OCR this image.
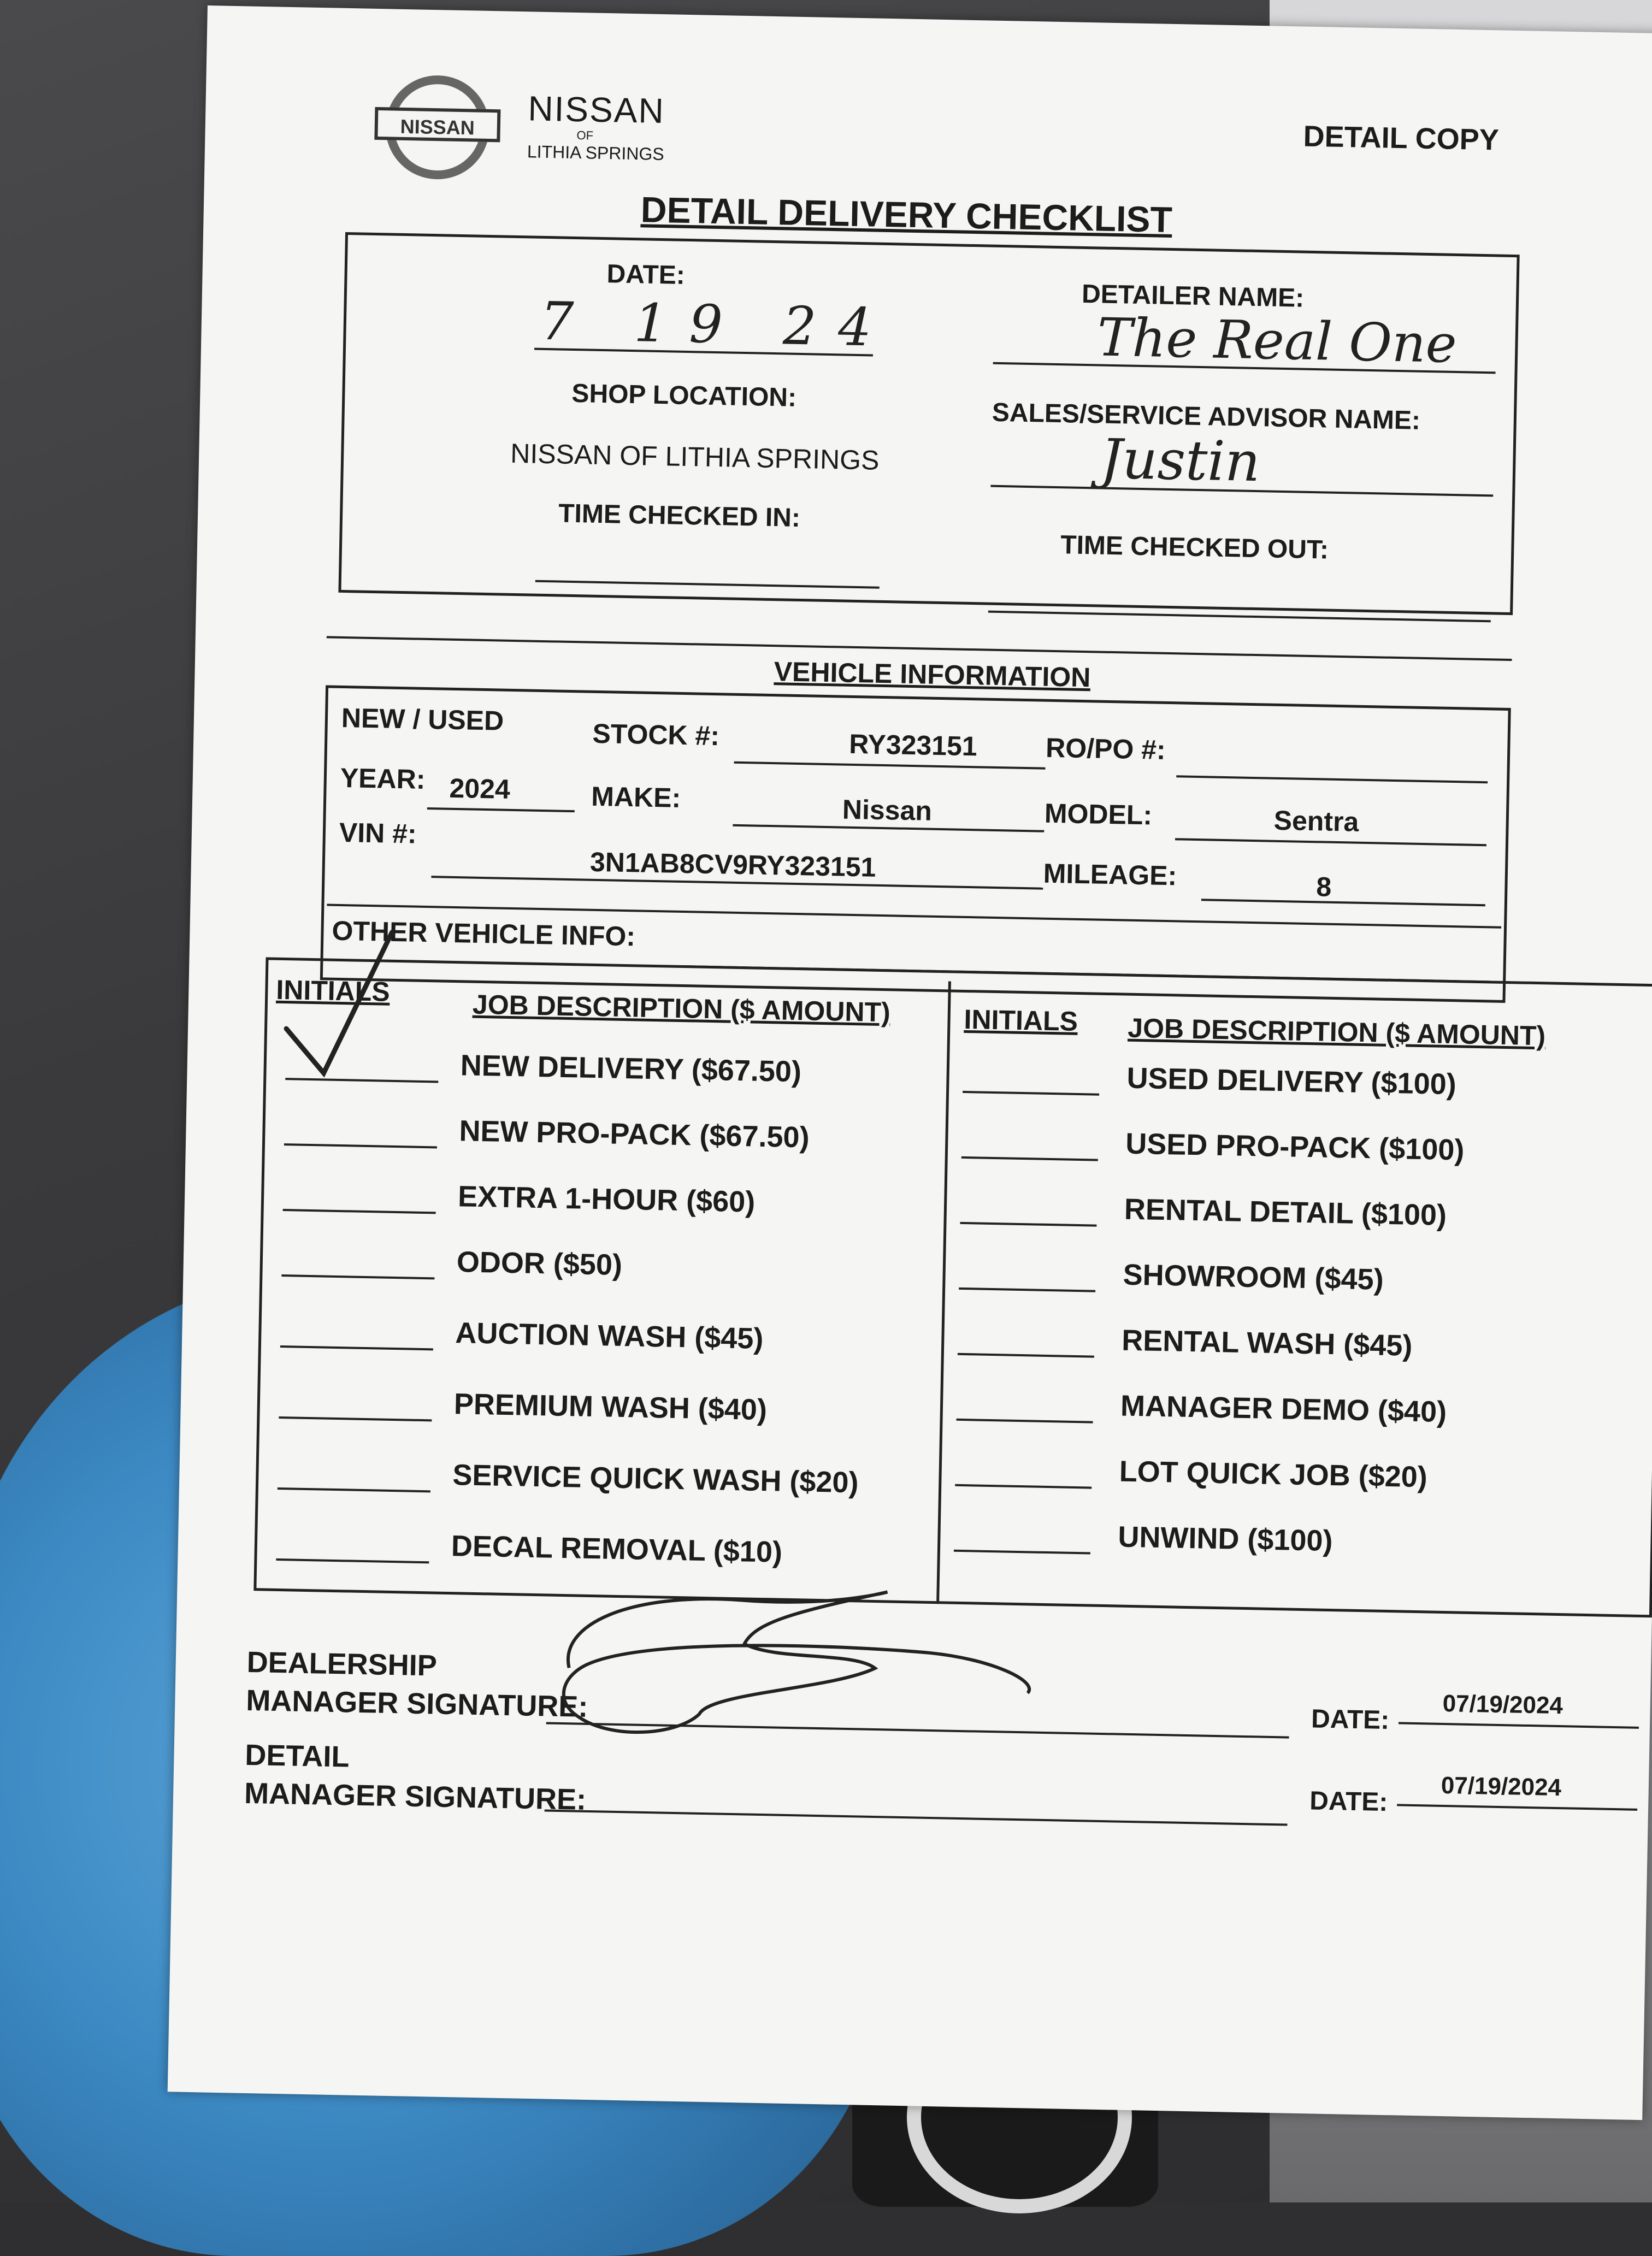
NISSAN	NISSAN
OF
LITHIA SPRINGS	DETAIL COPY
DETAIL DELIVERY CHECKLIST
DATE:
7 19 24	DETAILER NAME:
The Real One
SHOP LOCATION:
NISSAN OF LITHIA SPRINGS
SALES/SERVICE ADVISOR NAME:
Justin
TIME CHECKED IN:
TIME CHECKED OUT:
VEHICLE INFORMATION
NEW / USED	STOCK #:	RY323151 RO/PO #:
YEAR: 2024	MAKE:	Nissan	MODEL:	Sentra
VIN #:
3N1AB8CV9RY323151	MILEAGE:	8
OTHER VEHICLE INFO:
INITIALS	JOB DESCRIPTION ($ AMOUNT)	INITIALS JOB DESCRIPTION ($ AMOUNT)
NEW DELIVERY ($67.50)
NEW PRO-PACK ($67.50)
EXTRA 1-HOUR ($60)
ODOR ($50)
AUCTION WASH ($45)
PREMIUM WASH ($40)
SERVICE QUICK WASH ($20)
DECAL REMOVAL ($10)
USED DELIVERY ($100)
USED PRO-PACK ($100)
RENTAL DETAIL ($100)
SHOWROOM ($45)
RENTAL WASH ($45)
MANAGER DEMO ($40)
LOT QUICK JOB ($20)
UNWIND ($100)
DEALERSHIP
MANAGER SIGNATURE:	DATE: 07/19/2024
DETAIL
MANAGER SIGNATURE:	DATE: 07/19/2024
